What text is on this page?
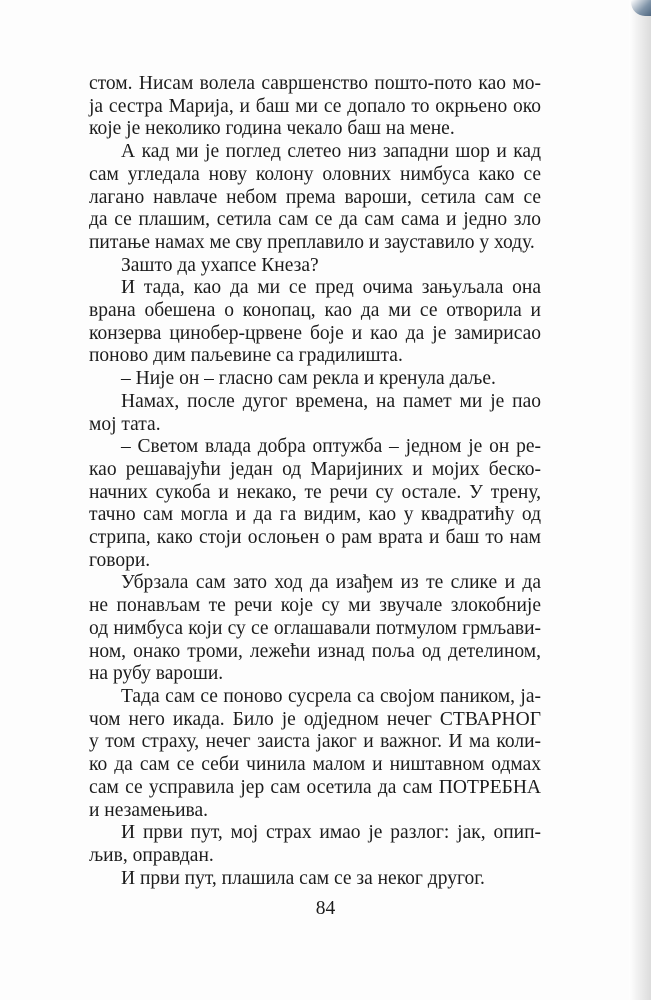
стом. Нисам волела савршенство пошто-пото као мо-
ја сестра Марија, и баш ми се допало то окрњено око
које је неколико година чекало баш на мене.
А кад ми је поглед слетео низ западни шор и кад
сам угледала нову колону оловних нимбуса како се
лагано навлаче небом према вароши, сетила сам се
да се плашим, сетила сам се да сам сама и једно зло
питање намах ме сву преплавило и зауставило у ходу.
Зашто да ухапсе Кнеза?
И тада, као да ми се пред очима зањуљала она
врана обешена о конопац, као да ми се отворила и
конзерва цинобер-црвене боје и као да је замирисао
поново дим паљевине са градилишта.
– Није он – гласно сам рекла и кренула даље.
Намах, после дугог времена, на памет ми је пао
мој тата.
– Светом влада добра оптужба – једном је он ре-
као решавајући један од Маријиних и мојих беско-
начних сукоба и некако, те речи су остале. У трену,
тачно сам могла и да га видим, као у квадратићу од
стрипа, како стоји ослоњен о рам врата и баш то нам
говори.
Убрзала сам зато ход да изађем из те слике и да
не понављам те речи које су ми звучале злокобније
од нимбуса који су се оглашавали потмулом грмљави-
ном, онако троми, лежећи изнад поља од детелином,
на рубу вароши.
Тада сам се поново сусрела са својом паником, ја-
чом него икада. Било је одједном нечег СТВАРНОГ
у том страху, нечег заиста јаког и важног. И ма коли-
ко да сам се себи чинила малом и ништавном одмах
сам се усправила јер сам осетила да сам ПОТРЕБНА
и незамењива.
И први пут, мој страх имао је разлог: јак, опип-
љив, оправдан.
И први пут, плашила сам се за неког другог.
84
